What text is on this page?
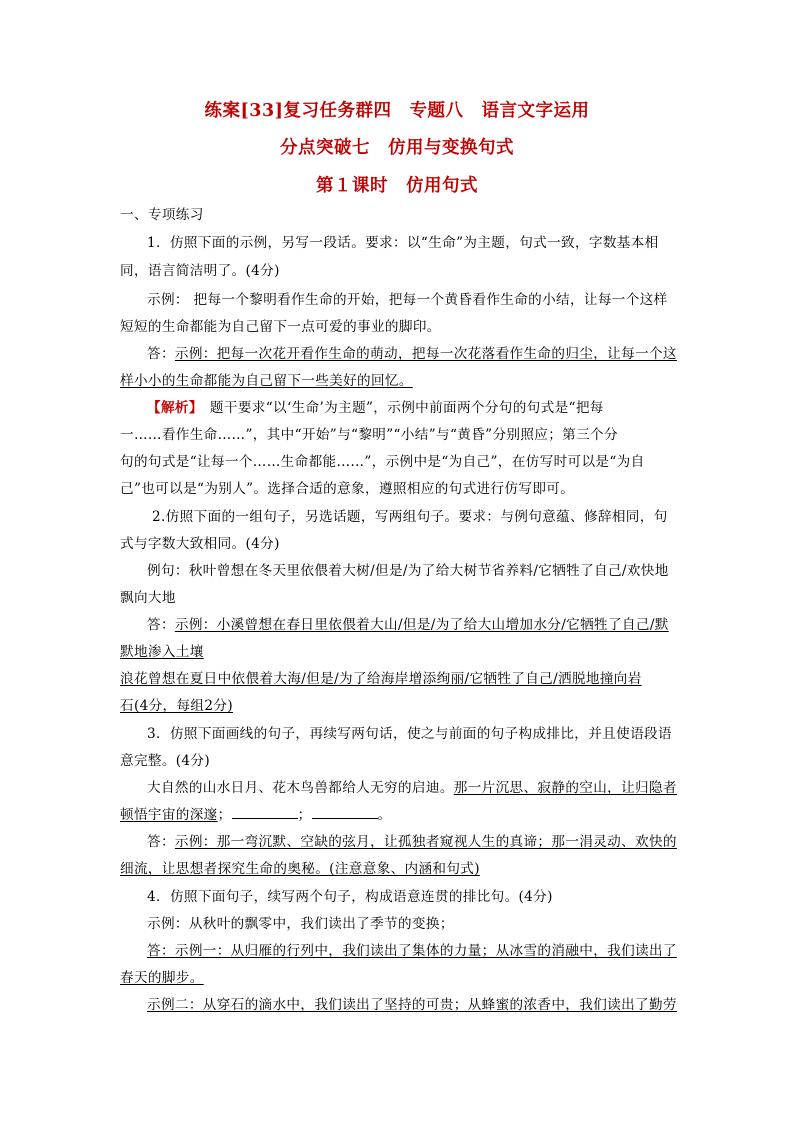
练案[33]复习任务群四　专题八　语言文字运用
分点突破七　仿用与变换句式
第１课时　仿用句式
一、专项练习
1．仿照下面的示例，另写一段话。要求：以“生命”为主题，句式一致，字数基本相
同，语言简洁明了。(4分)
示例： 把每一个黎明看作生命的开始，把每一个黄昏看作生命的小结，让每一个这样
短短的生命都能为自己留下一点可爱的事业的脚印。
答：示例：把每一次花开看作生命的萌动，把每一次花落看作生命的归尘，让每一个这
样小小的生命都能为自己留下一些美好的回忆。
【解析】　题干要求“以‘生命’为主题”，示例中前面两个分句的句式是“把每
一……看作生命……”，其中“开始”与“黎明”“小结”与“黄昏”分别照应；第三个分
句的句式是“让每一个……生命都能……”，示例中是“为自己”，在仿写时可以是“为自
己”也可以是“为别人”。选择合适的意象，遵照相应的句式进行仿写即可。
2.仿照下面的一组句子，另选话题，写两组句子。要求：与例句意蕴、修辞相同，句
式与字数大致相同。(4分)
例句：秋叶曾想在冬天里依偎着大树/但是/为了给大树节省养料/它牺牲了自己/欢快地
飘向大地
答：示例：小溪曾想在春日里依偎着大山/但是/为了给大山增加水分/它牺牲了自己/默
默地渗入土壤
浪花曾想在夏日中依偎着大海/但是/为了给海岸增添绚丽/它牺牲了自己/洒脱地撞向岩
石(4分，每组2分)
3．仿照下面画线的句子，再续写两句话，使之与前面的句子构成排比，并且使语段语
意完整。(4分)
大自然的山水日月、花木鸟兽都给人无穷的启迪。那一片沉思、寂静的空山，让归隐者
顿悟宇宙的深邃；	；	。
答：示例：那一弯沉默、空缺的弦月，让孤独者窥视人生的真谛；那一涓灵动、欢快的
细流，让思想者探究生命的奥秘。(注意意象、内涵和句式)
4．仿照下面句子，续写两个句子，构成语意连贯的排比句。(4分)
示例：从秋叶的飘零中，我们读出了季节的变换；
答：示例一：从归雁的行列中，我们读出了集体的力量；从冰雪的消融中，我们读出了
春天的脚步。
示例二：从穿石的滴水中，我们读出了坚持的可贵；从蜂蜜的浓香中，我们读出了勤劳
